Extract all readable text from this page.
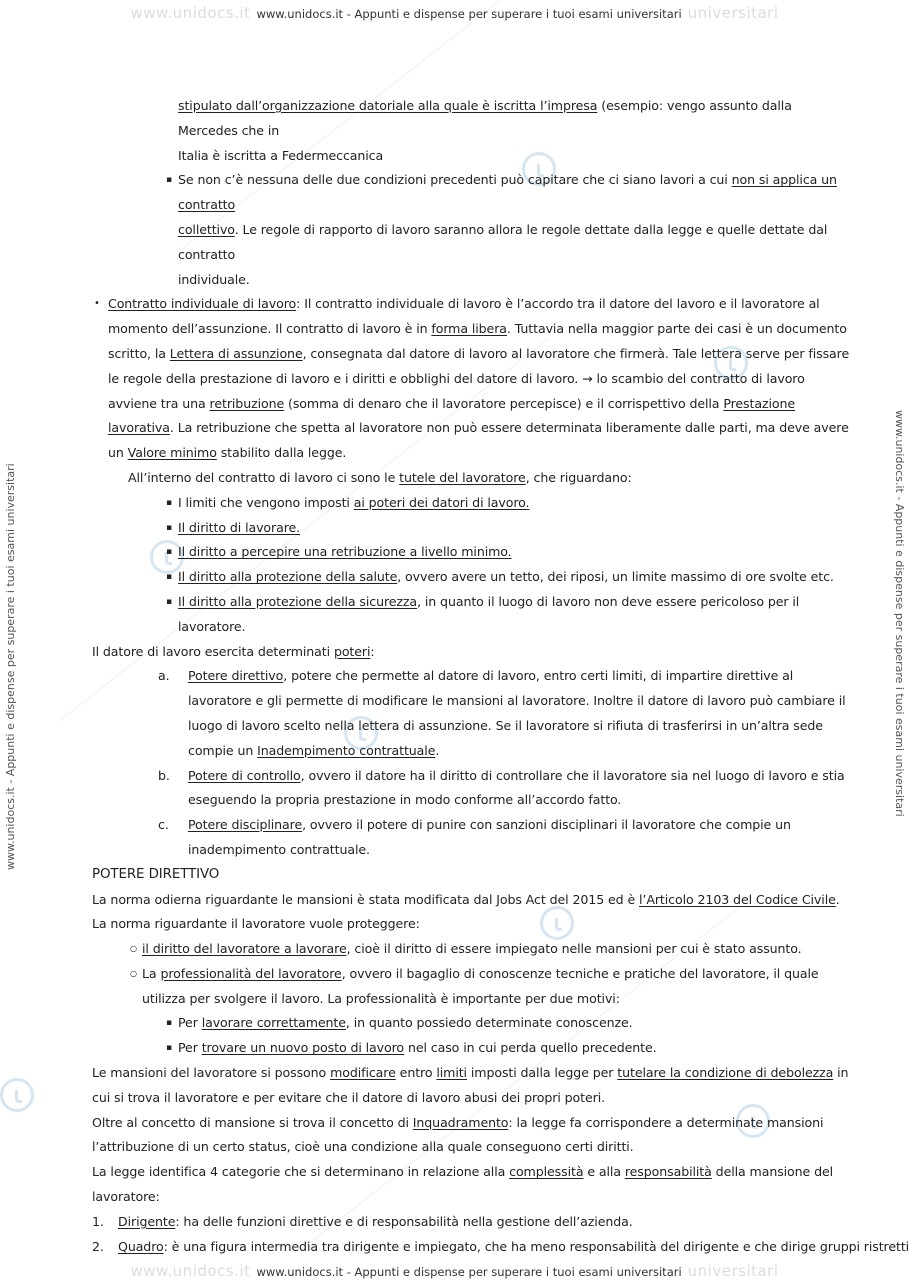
www.unidocs.it www.unidocs.it - Appunti e dispense per superare i tuoi esami universitari universitari
www.unidocs.it - Appunti e dispense per superare i tuoi esami universitari	www.unidocs.it - Appunti e dispense per superare i tuoi esami universitari

stipulato dall’organizzazione datoriale alla quale è iscritta l’impresa (esempio: vengo assunto dalla Mercedes che in
Italia è iscritta a Federmeccanica

▪ Se non c’è nessuna delle due condizioni precedenti può capitare che ci siano lavori a cui non si applica un contratto
collettivo. Le regole di rapporto di lavoro saranno allora le regole dettate dalla legge e quelle dettate dal contratto
individuale.

• Contratto individuale di lavoro: Il contratto individuale di lavoro è l’accordo tra il datore del lavoro e il lavoratore al momento dell’assunzione. Il contratto di lavoro è in forma libera. Tuttavia nella maggior parte dei casi è un documento scritto, la Lettera di assunzione, consegnata dal datore di lavoro al lavoratore che firmerà. Tale lettera serve per fissare le regole della prestazione di lavoro e i diritti e obblighi del datore di lavoro. → lo scambio del contratto di lavoro avviene tra una retribuzione (somma di denaro che il lavoratore percepisce) e il corrispettivo della Prestazione lavorativa. La retribuzione che spetta al lavoratore non può essere determinata liberamente dalle parti, ma deve avere un Valore minimo stabilito dalla legge.

All’interno del contratto di lavoro ci sono le tutele del lavoratore, che riguardano:

▪ I limiti che vengono imposti ai poteri dei datori di lavoro.

▪ Il diritto di lavorare.

▪ Il diritto a percepire una retribuzione a livello minimo.

▪ Il diritto alla protezione della salute, ovvero avere un tetto, dei riposi, un limite massimo di ore svolte etc.

▪ Il diritto alla protezione della sicurezza, in quanto il luogo di lavoro non deve essere pericoloso per il lavoratore.

Il datore di lavoro esercita determinati poteri:

a. Potere direttivo, potere che permette al datore di lavoro, entro certi limiti, di impartire direttive al lavoratore e gli permette di modificare le mansioni al lavoratore. Inoltre il datore di lavoro può cambiare il luogo di lavoro scelto nella lettera di assunzione. Se il lavoratore si rifiuta di trasferirsi in un’altra sede compie un Inadempimento contrattuale.

b. Potere di controllo, ovvero il datore ha il diritto di controllare che il lavoratore sia nel luogo di lavoro e stia eseguendo la propria prestazione in modo conforme all’accordo fatto.

c. Potere disciplinare, ovvero il potere di punire con sanzioni disciplinari il lavoratore che compie un inadempimento contrattuale.

POTERE DIRETTIVO

La norma odierna riguardante le mansioni è stata modificata dal Jobs Act del 2015 ed è l’Articolo 2103 del Codice Civile. La norma riguardante il lavoratore vuole proteggere:

○ il diritto del lavoratore a lavorare, cioè il diritto di essere impiegato nelle mansioni per cui è stato assunto.

○ La professionalità del lavoratore, ovvero il bagaglio di conoscenze tecniche e pratiche del lavoratore, il quale utilizza per svolgere il lavoro. La professionalità è importante per due motivi:

▪ Per lavorare correttamente, in quanto possiedo determinate conoscenze.

▪ Per trovare un nuovo posto di lavoro nel caso in cui perda quello precedente.

Le mansioni del lavoratore si possono modificare entro limiti imposti dalla legge per tutelare la condizione di debolezza in cui si trova il lavoratore e per evitare che il datore di lavoro abusi dei propri poteri.

Oltre al concetto di mansione si trova il concetto di Inquadramento: la legge fa corrispondere a determinate mansioni l’attribuzione di un certo status, cioè una condizione alla quale conseguono certi diritti.

La legge identifica 4 categorie che si determinano in relazione alla complessità e alla responsabilità della mansione del lavoratore:

1. Dirigente: ha delle funzioni direttive e di responsabilità nella gestione dell’azienda.

2. Quadro: è una figura intermedia tra dirigente e impiegato, che ha meno responsabilità del dirigente e che dirige gruppi ristretti

www.unidocs.it www.unidocs.it - Appunti e dispense per superare i tuoi esami universitari universitari
